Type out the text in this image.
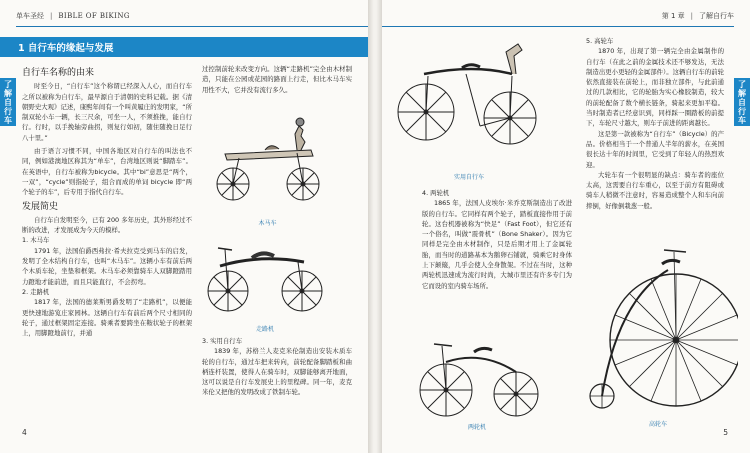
单车圣经 | BIBLE OF BIKING
1 自行车的缘起与发展
了解自行车
自行车名称的由来

时至今日，“自行车”这个称谓已经深入人心，而自行车之所以被称为自行车，最早源自于清朝的史料记载。据《清朝野史大观》记述，康熙年间有一个叫黄履庄的发明家，“所制双轮小车一辆，长三尺余，可坐一人，不须推挽，能自行行。行时，以手挽轴旁曲拐，则复行如初，随住随挽日足行八十里。”

由于语言习惯不同，中国各地区对自行车的叫法也不同，例如港澳地区称其为“单车”，台湾地区则说“脚踏车”。在英语中，自行车被称为bicycle。其中“bi”意思是“两个，一双”，“cycle”则指轮子，组合而成的单词 bicycle 即“两个轮子的车”，后专用于指代自行车。

发展简史

自行车自发明至今，已有 200 多年历史，其外形经过不断的改进，才发展成为今天的模样。

1. 木马车

1791 年，法国伯爵西弗拉·希夫拉克受到马车的启发，发明了全木结构自行车，也叫“木马车”。这辆小车有前后两个木质车轮，坐垫和框架。木马车必须靠骑车人双脚蹬踏用力蹬地才能前进，而且只能直行，不会拐弯。

2. 走路机

1817 年，法国的德莱斯男爵发明了“走路机”，以便能更快速地游览庄家园林。这辆自行车有前后两个尺寸相同的轮子，通过框架固定连接。骑乘者要跨坐在鞍状轮子的框架上，用脚蹬地前行，并通

过控制前轮来改变方向。这辆“走路机”完全由木材制造，只能在公园或花园的路面上行走，但比木马车实用性不大，它并没有流行多久。

木马车
走路机

3. 实用自行车

1839 年，苏格兰人麦克米伦制造出安装木质车轮的自行车，通过车把来转向，前轮配备脚踏板和曲柄连杆装置，使得人在骑车时，双脚能够离开地面，这可以说是自行车发展史上的里程碑。同一年，麦克米伦又把他的发明改成了铁制车轮。

4
第 1 章 | 了解自行车
了解自行车
实用自行车

4. 两轮机

1865 年，法国人皮埃尔·米乔克斯制造出了改进版的自行车。它同样有两个轮子，踏板直接作用于前轮。这台机器被称为“快足”（Fast Foot），但它还有一个俗名，叫做“震骨机”（Bone Shaker）。因为它同样是完全由木材制作，只是后期才用上了金属轮胎，而当时的道路基本为鹅卵石铺就，骑乘它时身体上下颠簸，几乎会使人全身散架。不过在当时，这种两轮机迅速成为流行时尚，大城市里还有许多专门为它而设的室内骑车场所。

两轮机

5. 高轮车

1870 年，出现了第一辆完全由金属制作的自行车（在此之前的金属技术还不够发达，无法制造出更小更轻的金属部件）。这辆自行车的前轮依然直接装在前轮上，而非独立部件，与此前通过的几款相比，它的轮胎为实心橡胶制造，较大的前轮配备了数个横长链条，骑起来更加平稳。当时制造者已经意识到，同样踩一圈踏板的前提下，车轮尺寸越大，则车子前进的距离越长。

这是第一款被称为“自行车”（Bicycle）的产品。价格相当于一个普通人半年的薪水，在英国很长达十年的时间里，它受到了年轻人的热烈欢迎。

大轮车有一个很明显的缺点：骑车者的座位太高，这需要自行车重心，以至于前方有阻碍或骑车人稍微不注意时，容易造成整个人和车向前摔倒，好像倒栽葱一般。

高轮车
5
